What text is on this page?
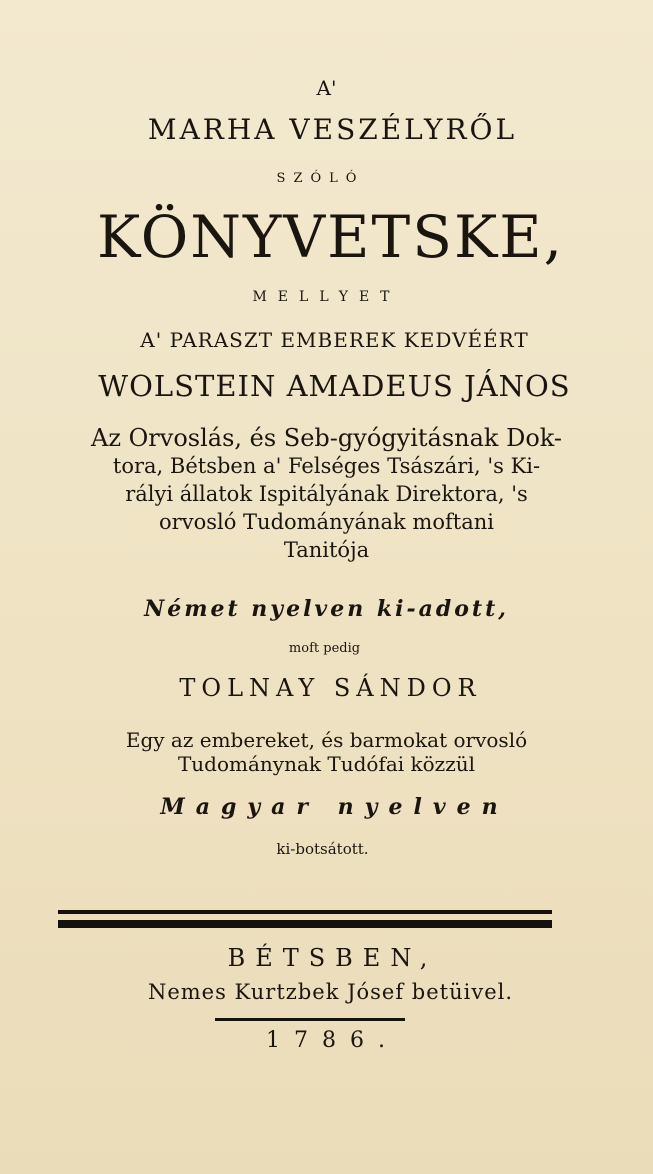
A'
MARHA VESZÉLYRŐL
SZÓLÓ
KÖNYVETSKE,
MELLYET
A' PARASZT EMBEREK KEDVÉÉRT
WOLSTEIN AMADEUS JÁNOS
Az Orvoslás, és Seb-gyógyitásnak Dok-
tora, Bétsben a' Felséges Tsászári, 's Ki-
rályi állatok Ispitályának Direktora, 's
orvosló Tudományának moftani
Tanitója
Német nyelven ki-adott,
moft pedig
TOLNAY SÁNDOR
Egy az embereket, és barmokat orvosló
Tudománynak Tudófai közzül
Magyar nyelven
ki-botsátott.
BÉTSBEN,
Nemes Kurtzbek Jósef betüivel.
1786.
